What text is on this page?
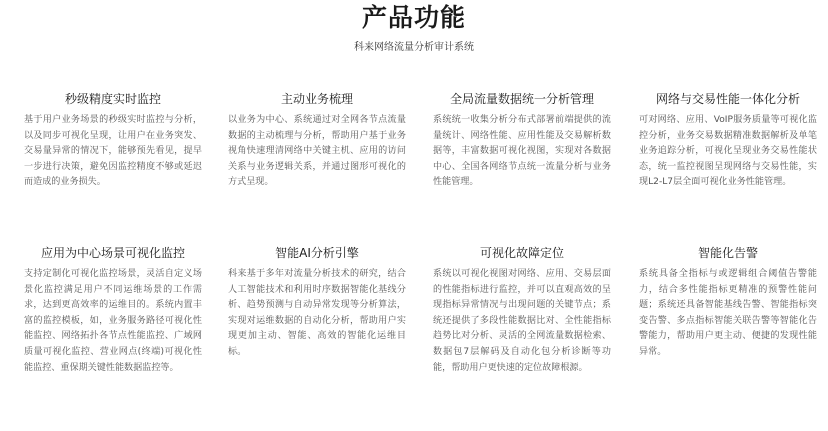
产品功能
科来网络流量分析审计系统
秒级精度实时监控
基于用户业务场景的秒级实时监控与分析，以及同步可视化呈现，让用户在业务突发、交易量异常的情况下，能够预先看见，提早一步进行决策，避免因监控精度不够或延迟而造成的业务损失。
主动业务梳理
以业务为中心、系统通过对全网各节点流量数据的主动梳理与分析，帮助用户基于业务视角快速理清网络中关键主机、应用的访问关系与业务逻辑关系，并通过图形可视化的方式呈现。
全局流量数据统一分析管理
系统统一收集分析分布式部署前端提供的流量统计、网络性能、应用性能及交易解析数据等，丰富数据可视化视图，实现对各数据中心、全国各网络节点统一流量分析与业务性能管理。
网络与交易性能一体化分析
可对网络、应用、VoIP服务质量等可视化监控分析，业务交易数据精准数据解析及单笔业务追踪分析，可视化呈现业务交易性能状态，统一监控视图呈现网络与交易性能，实现L2-L7层全面可视化业务性能管理。
应用为中心场景可视化监控
支持定制化可视化监控场景，灵活自定义场景化监控满足用户不同运维场景的工作需求，达到更高效率的运维目的。系统内置丰富的监控模板，如，业务服务路径可视化性能监控、网络拓扑各节点性能监控、广域网质量可视化监控、营业网点(终端)可视化性能监控、重保期关键性能数据监控等。
智能AI分析引擎
科来基于多年对流量分析技术的研究，结合人工智能技术和利用时序数据智能化基线分析、趋势预测与自动异常发现等分析算法，实现对运维数据的自动化分析，帮助用户实现更加主动、智能、高效的智能化运维目标。
可视化故障定位
系统以可视化视图对网络、应用、交易层面的性能指标进行监控，并可以直观高效的呈现指标异常情况与出现问题的关键节点；系统还提供了多段性能数据比对、全性能指标趋势比对分析、灵活的全网流量数据检索、数据包7层解码及自动化包分析诊断等功能，帮助用户更快速的定位故障根源。
智能化告警
系统具备全指标与或逻辑组合阈值告警能力，结合多性能指标更精准的预警性能问题；系统还具备智能基线告警、智能指标突变告警、多点指标智能关联告警等智能化告警能力，帮助用户更主动、便捷的发现性能异常。
